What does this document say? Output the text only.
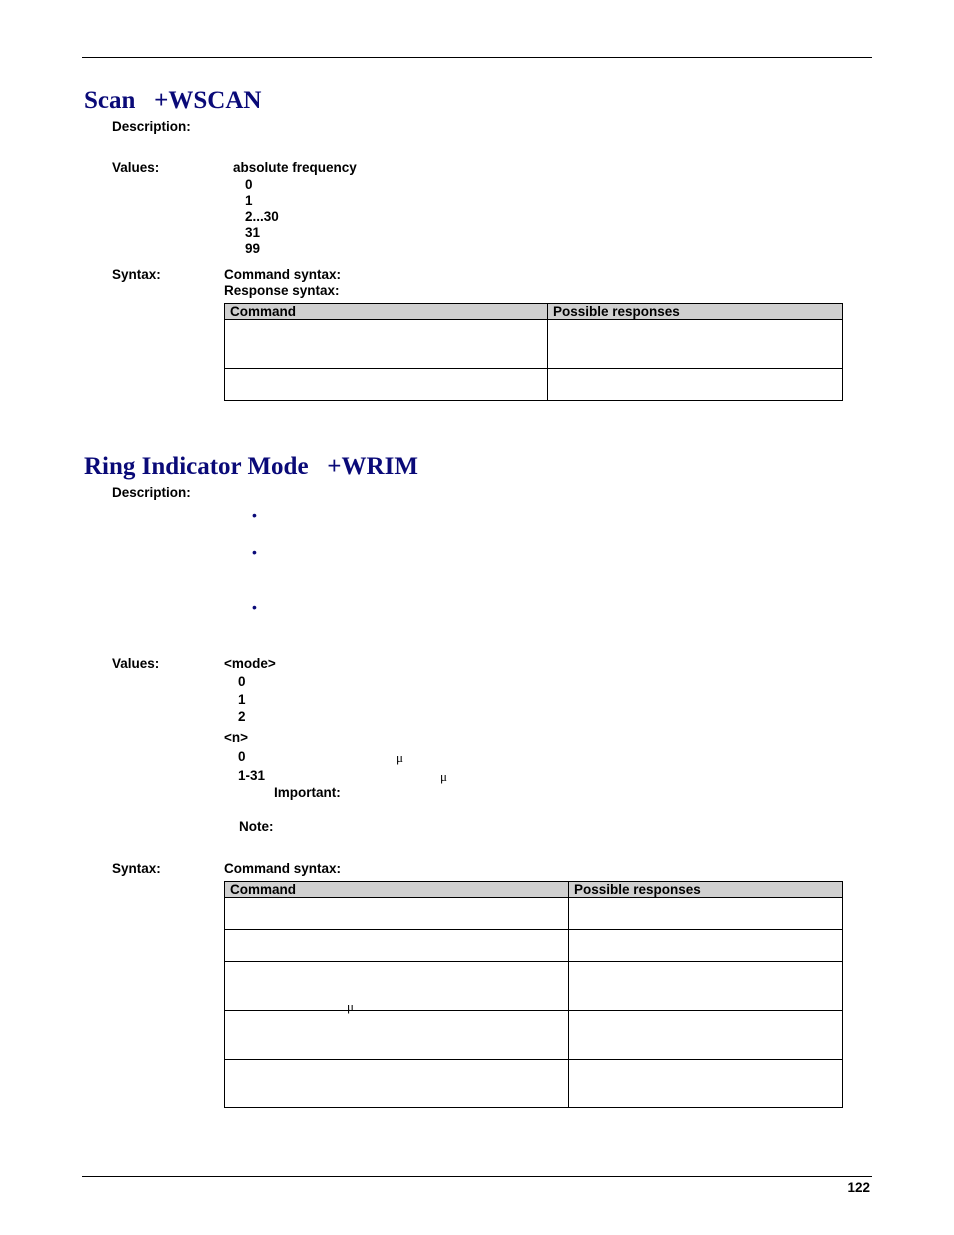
Scan   +WSCAN
Description:
Values:	absolute frequency
0
1
2...30
31
99
Syntax:	Command syntax:
Response syntax:
Command	Possible responses

Ring Indicator Mode   +WRIM
Description:
•
•
•
Values:	<mode>
0
1
2
<n>
0	μ
1-31	μ
Important:
Note:
Syntax:	Command syntax:
Command	Possible responses

μ
122
